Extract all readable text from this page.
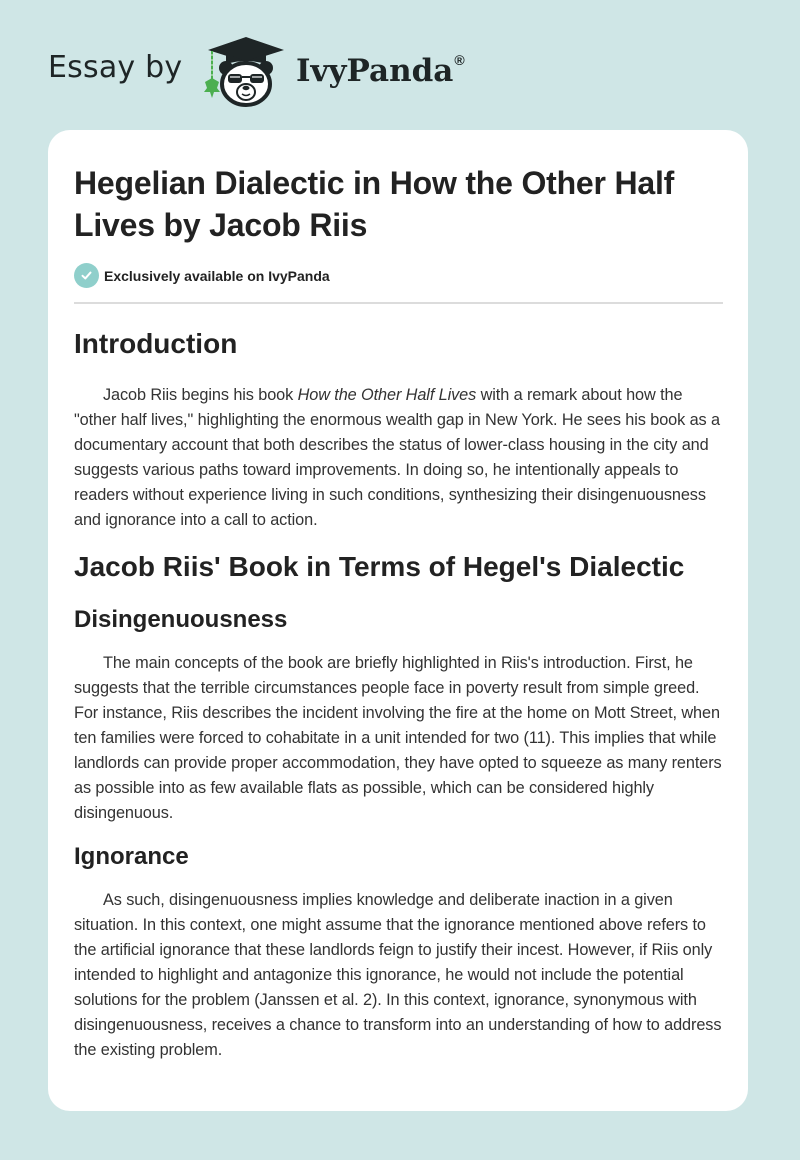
Essay by	IvyPanda®
Hegelian Dialectic in How the Other Half Lives by Jacob Riis
Exclusively available on IvyPanda
Introduction

Jacob Riis begins his book How the Other Half Lives with a remark about how the "other half lives," highlighting the enormous wealth gap in New York. He sees his book as a documentary account that both describes the status of lower-class housing in the city and suggests various paths toward improvements. In doing so, he intentionally appeals to readers without experience living in such conditions, synthesizing their disingenuousness and ignorance into a call to action.

Jacob Riis' Book in Terms of Hegel's Dialectic
Disingenuousness

The main concepts of the book are briefly highlighted in Riis's introduction. First, he suggests that the terrible circumstances people face in poverty result from simple greed. For instance, Riis describes the incident involving the fire at the home on Mott Street, when ten families were forced to cohabitate in a unit intended for two (11). This implies that while landlords can provide proper accommodation, they have opted to squeeze as many renters as possible into as few available flats as possible, which can be considered highly disingenuous.

Ignorance

As such, disingenuousness implies knowledge and deliberate inaction in a given situation. In this context, one might assume that the ignorance mentioned above refers to the artificial ignorance that these landlords feign to justify their incest. However, if Riis only intended to highlight and antagonize this ignorance, he would not include the potential solutions for the problem (Janssen et al. 2). In this context, ignorance, synonymous with disingenuousness, receives a chance to transform into an understanding of how to address the existing problem.
